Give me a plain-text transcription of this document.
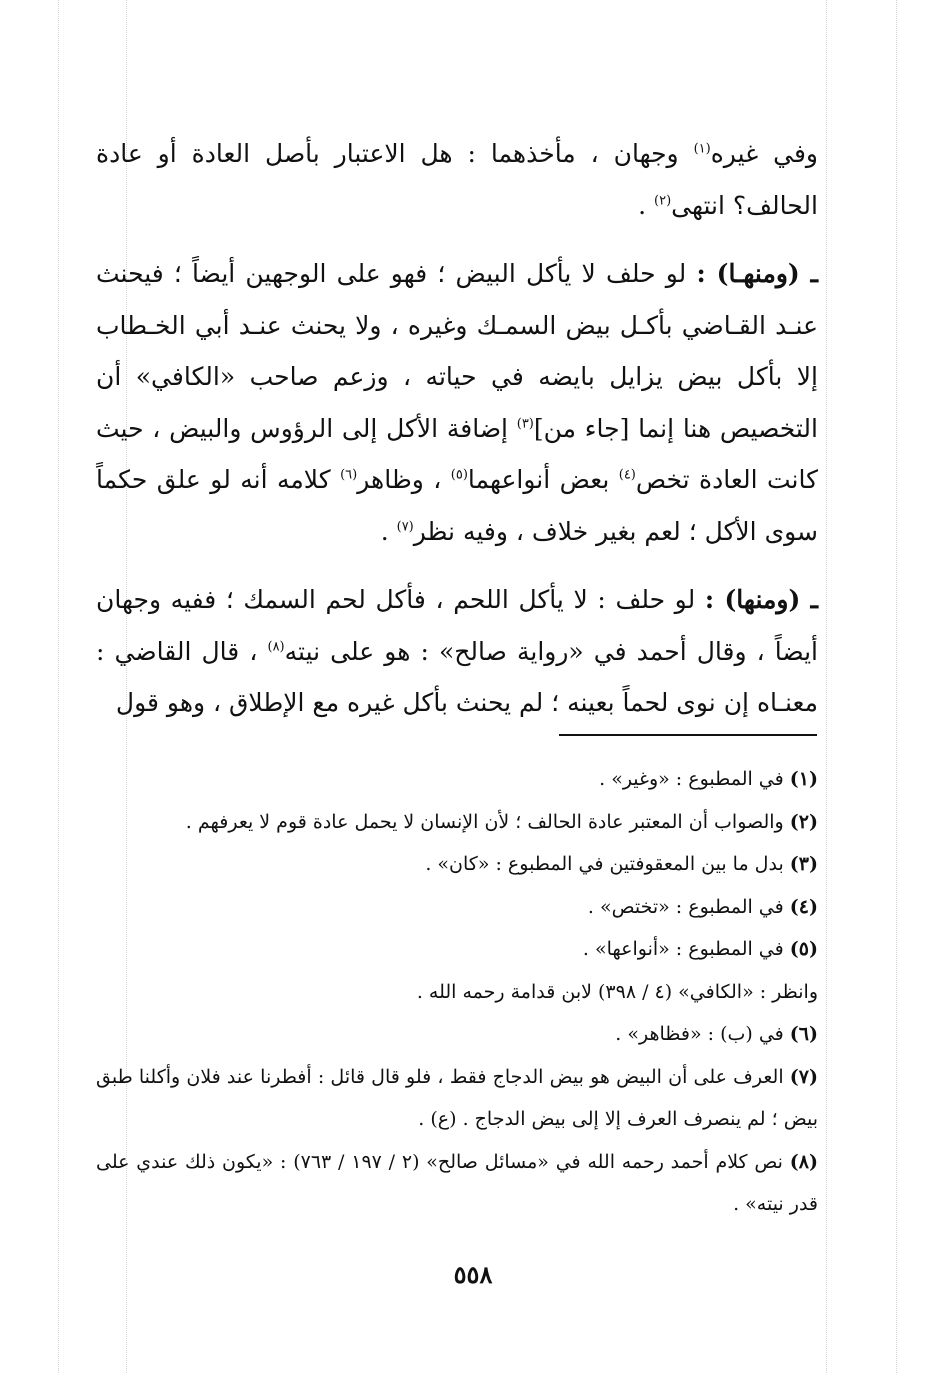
وفي غيره$^{(١)}$ وجهان ، مأخذهما : هل الاعتبار بأصل العادة أو عادة الحالف؟ انتهى$^{(٢)}$ .

ـ (ومنهـا) : لو حلف لا يأكل البيض ؛ فهو على الوجهين أيضاً ؛ فيحنث عنـد القـاضي بأكـل بيض السمـك وغيره ، ولا يحنث عنـد أبي الخـطاب إلا بأكل بيض يزايل بايضه في حياته ، وزعم صاحب «الكافي» أن التخصيص هنا إنما [جاء من]$^{(٣)}$ إضافة الأكل إلى الرؤوس والبيض ، حيث كانت العادة تخص$^{(٤)}$ بعض أنواعهما$^{(٥)}$ ، وظاهر$^{(٦)}$ كلامه أنه لو علق حكماً سوى الأكل ؛ لعم بغير خلاف ، وفيه نظر$^{(٧)}$ .

ـ (ومنها) : لو حلف : لا يأكل اللحم ، فأكل لحم السمك ؛ ففيه وجهان أيضاً ، وقال أحمد في «رواية صالح» : هو على نيته$^{(٨)}$ ، قال القاضي : معنـاه إن نوى لحماً بعينه ؛ لم يحنث بأكل غيره مع الإطلاق ، وهو قول

(١) في المطبوع : «وغير» .

(٢) والصواب أن المعتبر عادة الحالف ؛ لأن الإنسان لا يحمل عادة قوم لا يعرفهم .

(٣) بدل ما بين المعقوفتين في المطبوع : «كان» .

(٤) في المطبوع : «تختص» .

(٥) في المطبوع : «أنواعها» .

وانظر : «الكافي» (٤ / ٣٩٨) لابن قدامة رحمه الله .

(٦) في (ب) : «فظاهر» .

(٧) العرف على أن البيض هو بيض الدجاج فقط ، فلو قال قائل : أفطرنا عند فلان وأكلنا طبق بيض ؛ لم ينصرف العرف إلا إلى بيض الدجاج . (ع) .

(٨) نص كلام أحمد رحمه الله في «مسائل صالح» (٢ / ١٩٧ / ٧٦٣) : «يكون ذلك عندي على قدر نيته» .

٥٥٨
